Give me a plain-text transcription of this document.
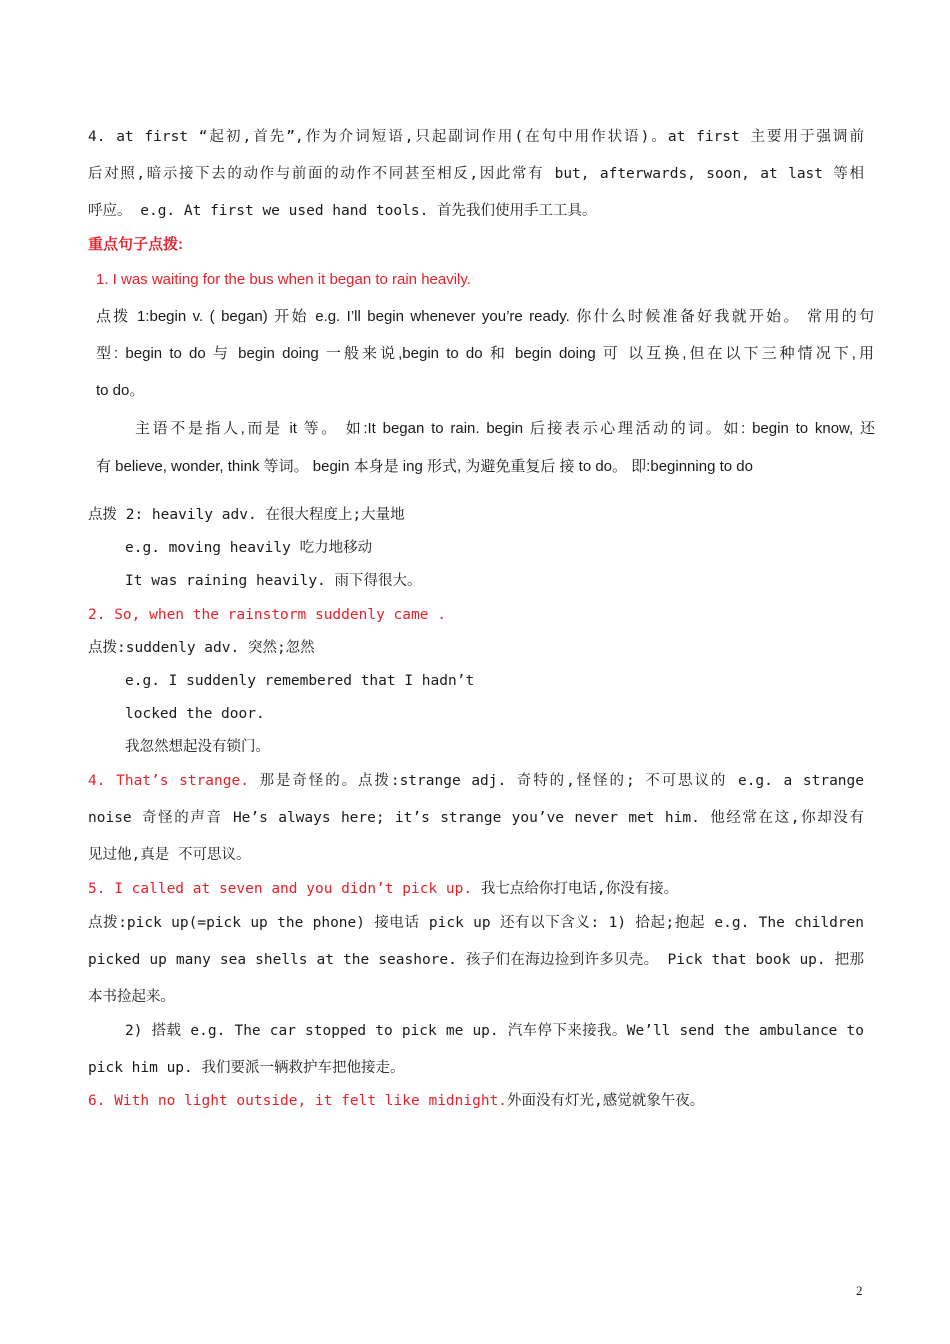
4. at first “起初,首先”,作为介词短语,只起副词作用(在句中用作状语)。at first 主要用于强调前
后对照,暗示接下去的动作与前面的动作不同甚至相反,因此常有 but, afterwards, soon, at last 等相
呼应。 e.g. At first we used hand tools. 首先我们使用手工工具。
重点句子点拨:
1. I was waiting for the bus when it began to rain heavily.
点拨 1:begin v. ( began) 开始 e.g. I’ll begin whenever you’re ready. 你什么时候准备好我就开始。 常用的句
型: begin to do 与 begin doing 一般来说,begin to do 和 begin doing 可 以互换,但在以下三种情况下,用
to do。
主语不是指人,而是 it 等。 如:It began to rain. begin 后接表示心理活动的词。如: begin to know, 还
有 believe, wonder, think 等词。 begin 本身是 ing 形式, 为避免重复后 接 to do。 即:beginning to do
点拨 2: heavily adv. 在很大程度上;大量地
e.g. moving heavily 吃力地移动
It was raining heavily. 雨下得很大。
2. So, when the rainstorm suddenly came .
点拨:suddenly adv. 突然;忽然
e.g. I suddenly remembered that I hadn’t
locked the door.
我忽然想起没有锁门。
4. That’s strange. 那是奇怪的。点拨:strange adj. 奇特的,怪怪的; 不可思议的 e.g. a strange
noise 奇怪的声音 He’s always here; it’s strange you’ve never met him. 他经常在这,你却没有
见过他,真是 不可思议。
5. I called at seven and you didn’t pick up. 我七点给你打电话,你没有接。
点拨:pick up(=pick up the phone) 接电话 pick up 还有以下含义: 1) 拾起;抱起 e.g. The children
picked up many sea shells at the seashore. 孩子们在海边捡到许多贝壳。 Pick that book up. 把那
本书捡起来。
2) 搭载 e.g. The car stopped to pick me up. 汽车停下来接我。We’ll send the ambulance to
pick him up. 我们要派一辆救护车把他接走。
6. With no light outside, it felt like midnight.外面没有灯光,感觉就象午夜。
2
